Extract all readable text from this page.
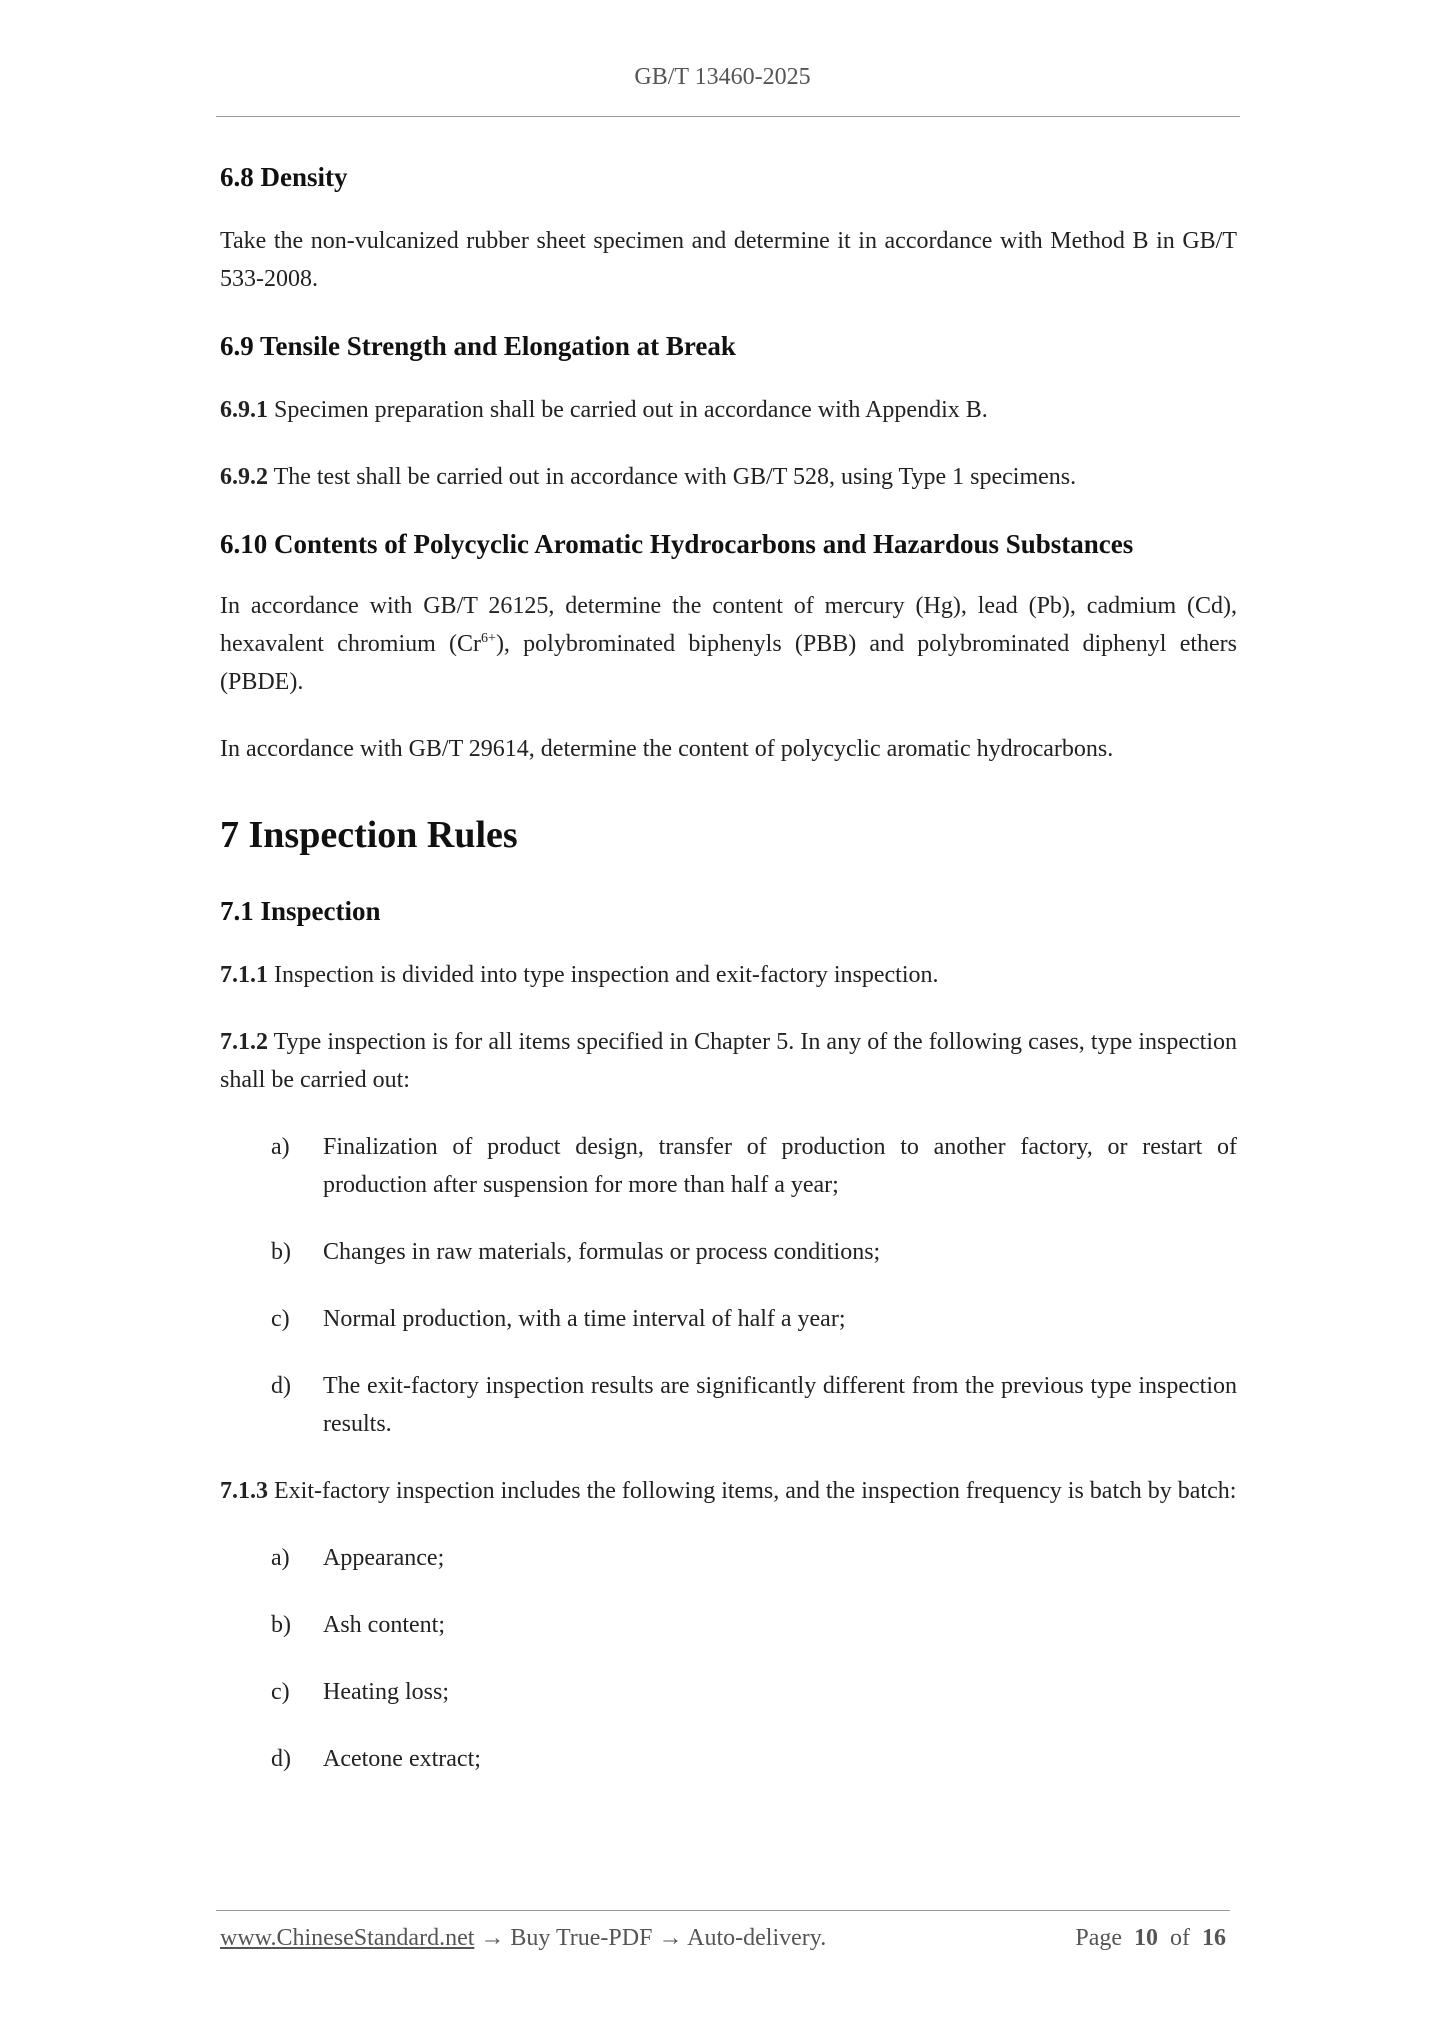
GB/T 13460-2025
6.8 Density
Take the non-vulcanized rubber sheet specimen and determine it in accordance with Method B in GB/T 533-2008.
6.9 Tensile Strength and Elongation at Break
6.9.1 Specimen preparation shall be carried out in accordance with Appendix B.
6.9.2 The test shall be carried out in accordance with GB/T 528, using Type 1 specimens.
6.10 Contents of Polycyclic Aromatic Hydrocarbons and Hazardous Substances
In accordance with GB/T 26125, determine the content of mercury (Hg), lead (Pb), cadmium (Cd), hexavalent chromium $(Cr^{6+})$, polybrominated biphenyls (PBB) and polybrominated diphenyl ethers (PBDE).
In accordance with GB/T 29614, determine the content of polycyclic aromatic hydrocarbons.
7 Inspection Rules
7.1 Inspection
7.1.1 Inspection is divided into type inspection and exit-factory inspection.
7.1.2 Type inspection is for all items specified in Chapter 5. In any of the following cases, type inspection shall be carried out:
a)	Finalization of product design, transfer of production to another factory, or restart of production after suspension for more than half a year;
b)	Changes in raw materials, formulas or process conditions;
c)	Normal production, with a time interval of half a year;
d)	The exit-factory inspection results are significantly different from the previous type inspection results.
7.1.3 Exit-factory inspection includes the following items, and the inspection frequency is batch by batch:
a)	Appearance;
b)	Ash content;
c)	Heating loss;
d)	Acetone extract;
www.ChineseStandard.net → Buy True-PDF → Auto-delivery.	Page 10 of 16
